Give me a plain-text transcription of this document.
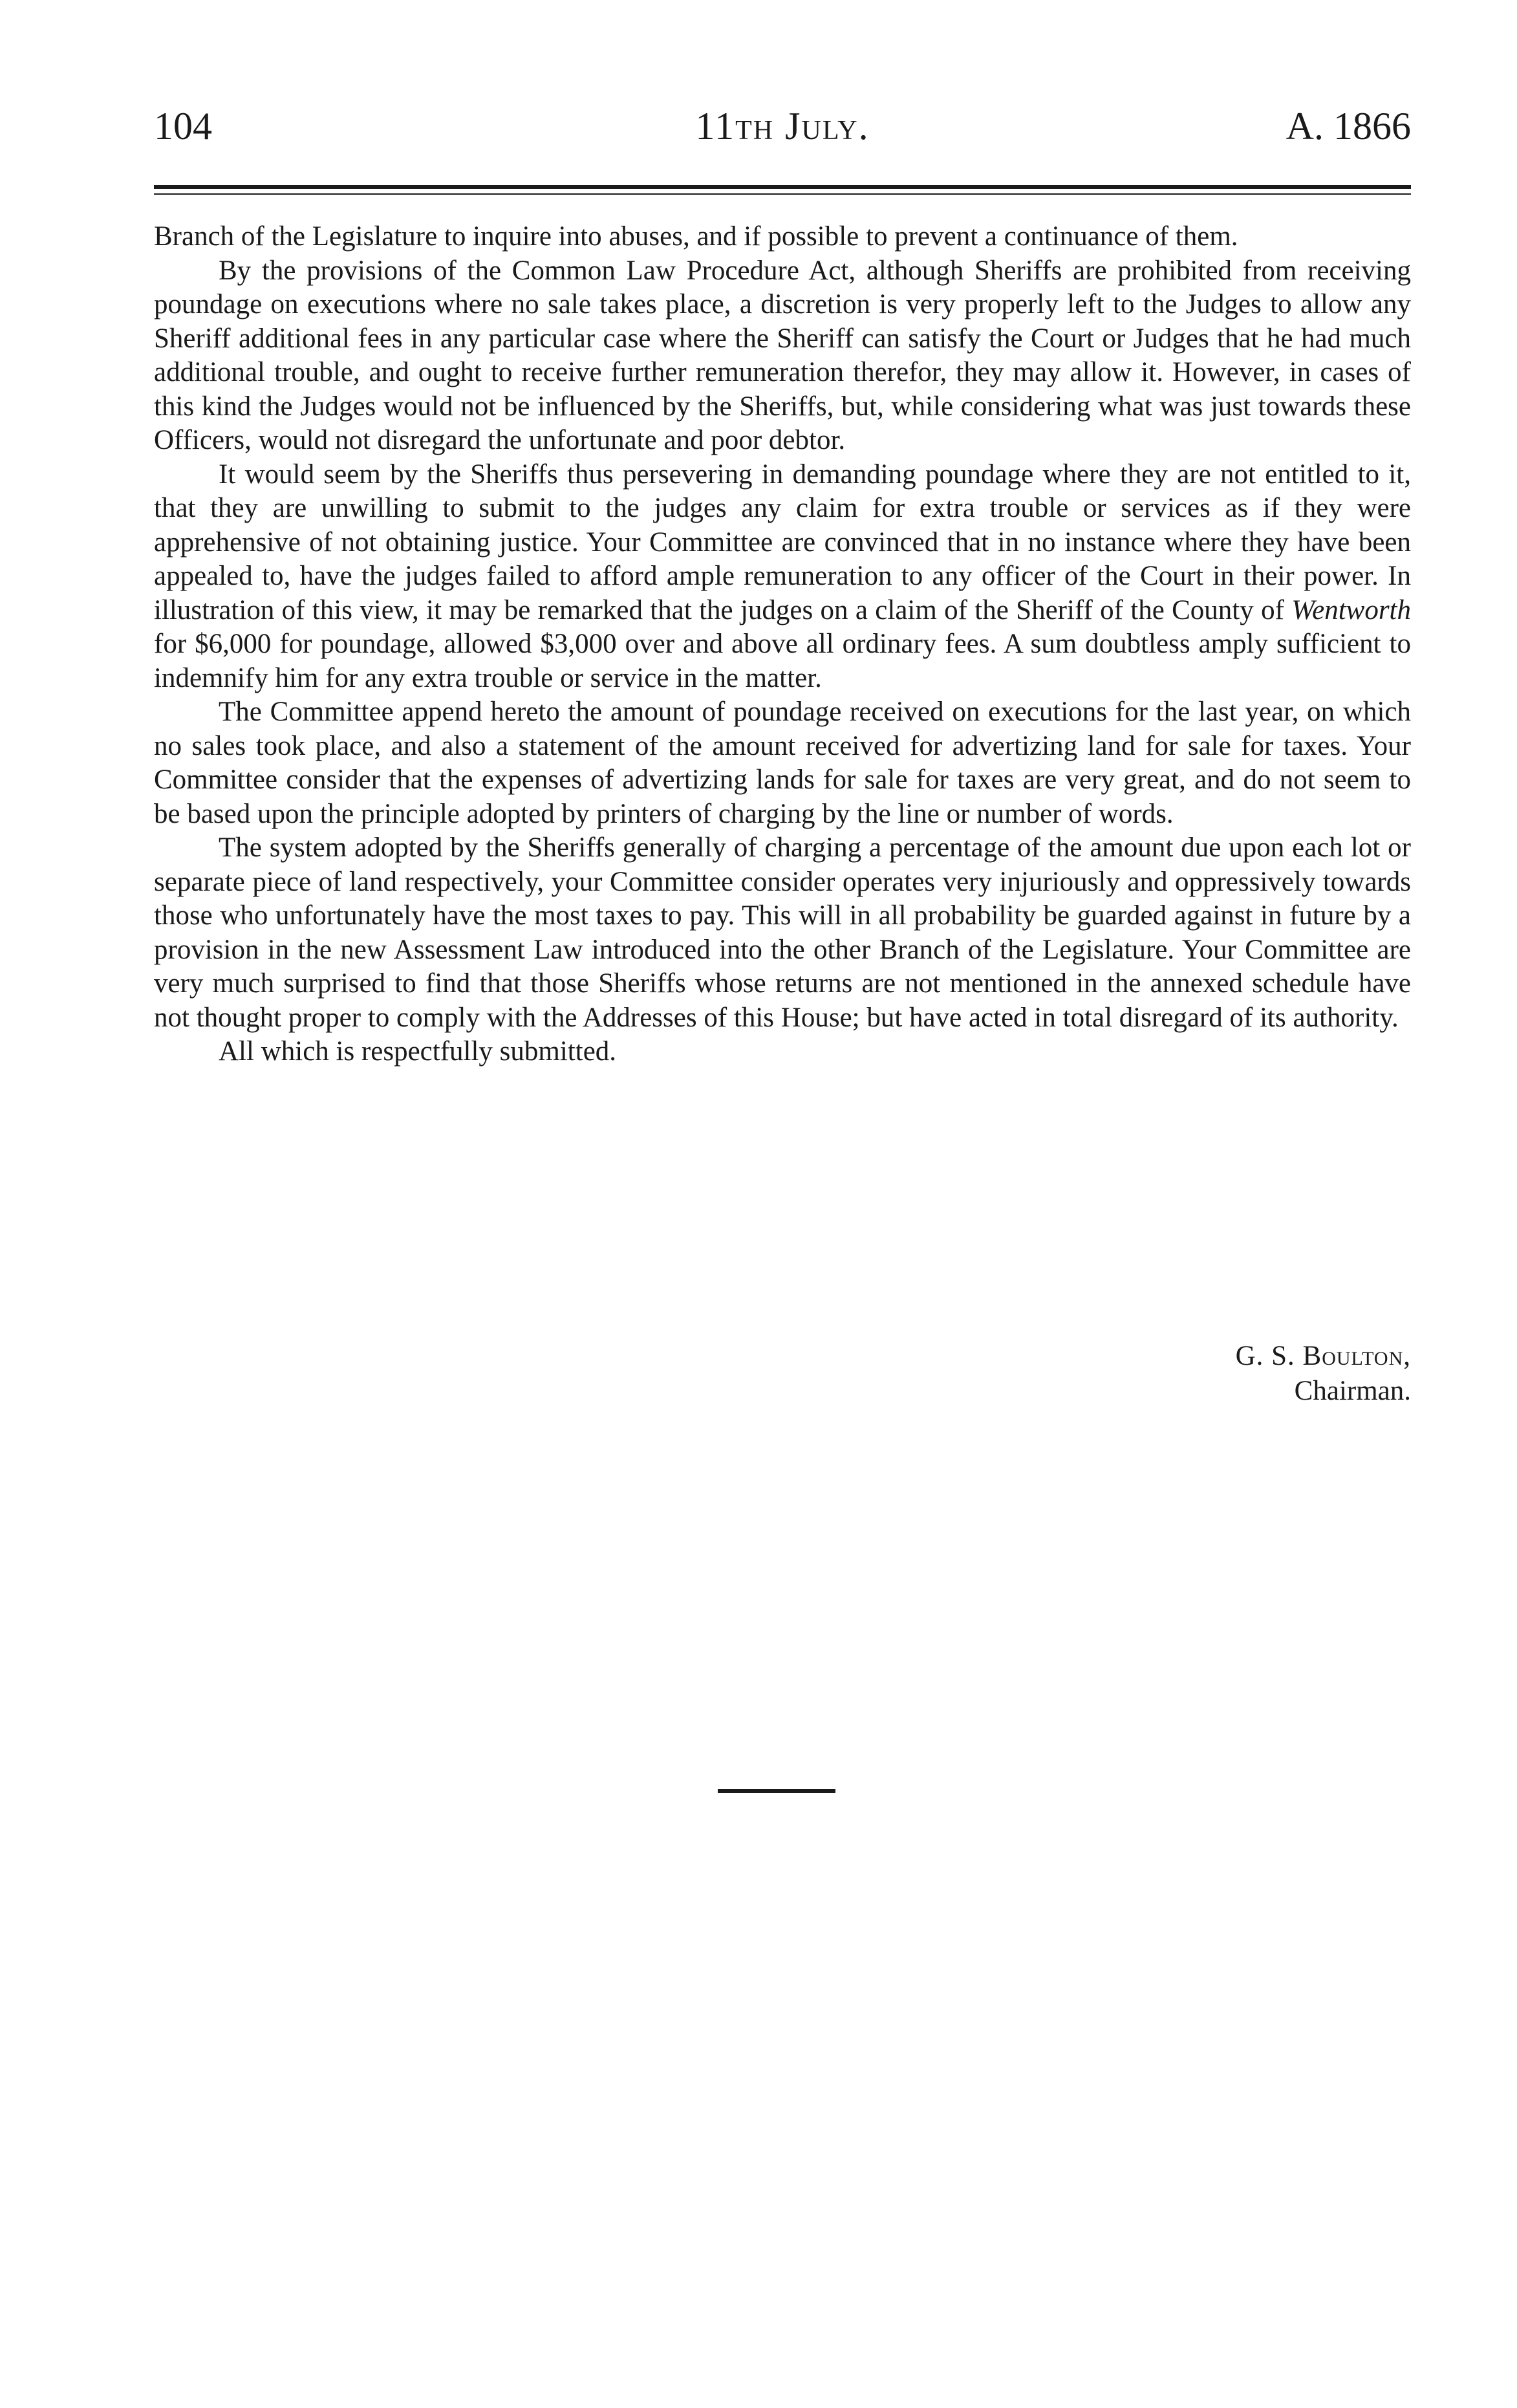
104	11th July.	A. 1866

Branch of the Legislature to inquire into abuses, and if possible to prevent a continuance of them.

By the provisions of the Common Law Procedure Act, although Sheriffs are prohibited from receiving poundage on executions where no sale takes place, a discretion is very properly left to the Judges to allow any Sheriff additional fees in any particular case where the Sheriff can satisfy the Court or Judges that he had much additional trouble, and ought to receive further remuneration therefor, they may allow it. However, in cases of this kind the Judges would not be influenced by the Sheriffs, but, while considering what was just towards these Officers, would not disregard the unfortunate and poor debtor.

It would seem by the Sheriffs thus persevering in demanding poundage where they are not entitled to it, that they are unwilling to submit to the judges any claim for extra trouble or services as if they were apprehensive of not obtaining justice. Your Committee are convinced that in no instance where they have been appealed to, have the judges failed to afford ample remuneration to any officer of the Court in their power. In illustration of this view, it may be remarked that the judges on a claim of the Sheriff of the County of Wentworth for $6,000 for poundage, allowed $3,000 over and above all ordinary fees. A sum doubtless amply sufficient to indemnify him for any extra trouble or service in the matter.

The Committee append hereto the amount of poundage received on executions for the last year, on which no sales took place, and also a statement of the amount received for advertizing land for sale for taxes. Your Committee consider that the expenses of advertizing lands for sale for taxes are very great, and do not seem to be based upon the principle adopted by printers of charging by the line or number of words.

The system adopted by the Sheriffs generally of charging a percentage of the amount due upon each lot or separate piece of land respectively, your Committee consider operates very injuriously and oppressively towards those who unfortunately have the most taxes to pay. This will in all probability be guarded against in future by a provision in the new Assessment Law introduced into the other Branch of the Legislature. Your Committee are very much surprised to find that those Sheriffs whose returns are not mentioned in the annexed schedule have not thought proper to comply with the Addresses of this House; but have acted in total disregard of its authority.

All which is respectfully submitted.

G. S. Boulton,
Chairman.
